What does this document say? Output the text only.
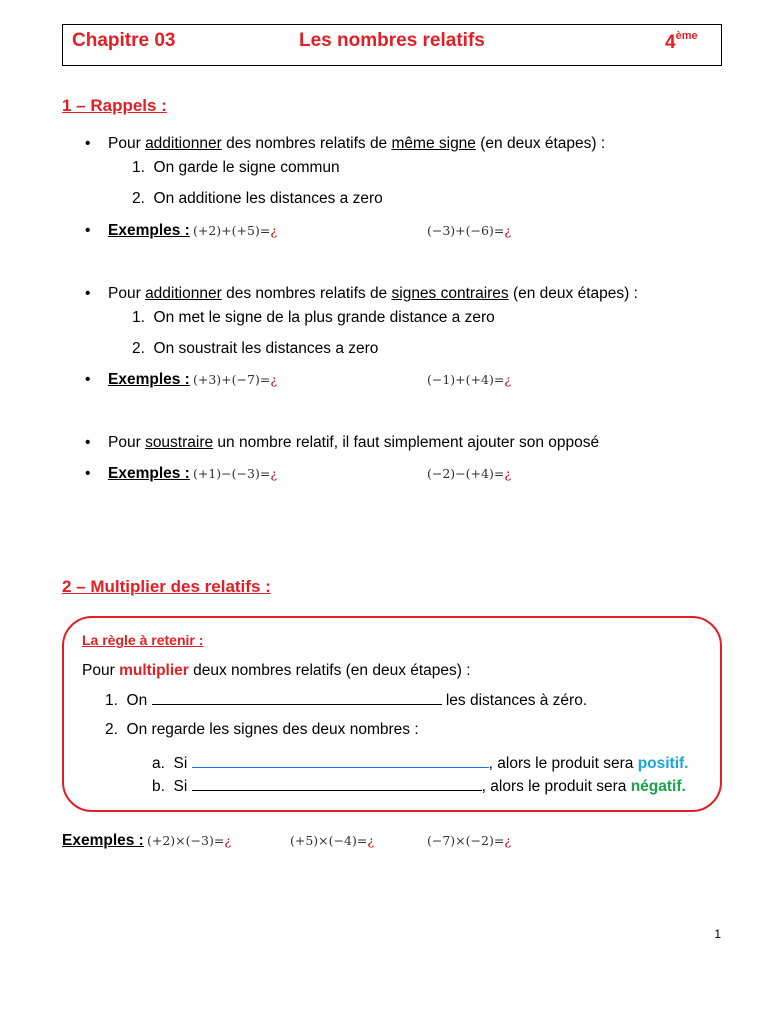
Chapitre 03	Les nombres relatifs	4ème
1 – Rappels :
• Pour additionner des nombres relatifs de même signe (en deux étapes) :
1.  On garde le signe commun
2.  On additione les distances a zero
• Exemples : (+2)+(+5)=¿	(−3)+(−6)=¿
• Pour additionner des nombres relatifs de signes contraires (en deux étapes) :
1.  On met le signe de la plus grande distance a zero
2.  On soustrait les distances a zero
• Exemples : (+3)+(−7)=¿	(−1)+(+4)=¿
• Pour soustraire un nombre relatif, il faut simplement ajouter son opposé
• Exemples : (+1)−(−3)=¿	(−2)−(+4)=¿
2 – Multiplier des relatifs :
La règle à retenir :
Pour multiplier deux nombres relatifs (en deux étapes) :
1.  On	les distances à zéro.
2.  On regarde les signes des deux nombres :
a.  Si	, alors le produit sera positif.
b.  Si	, alors le produit sera négatif.
Exemples : (+2)×(−3)=¿	(+5)×(−4)=¿	(−7)×(−2)=¿
1
